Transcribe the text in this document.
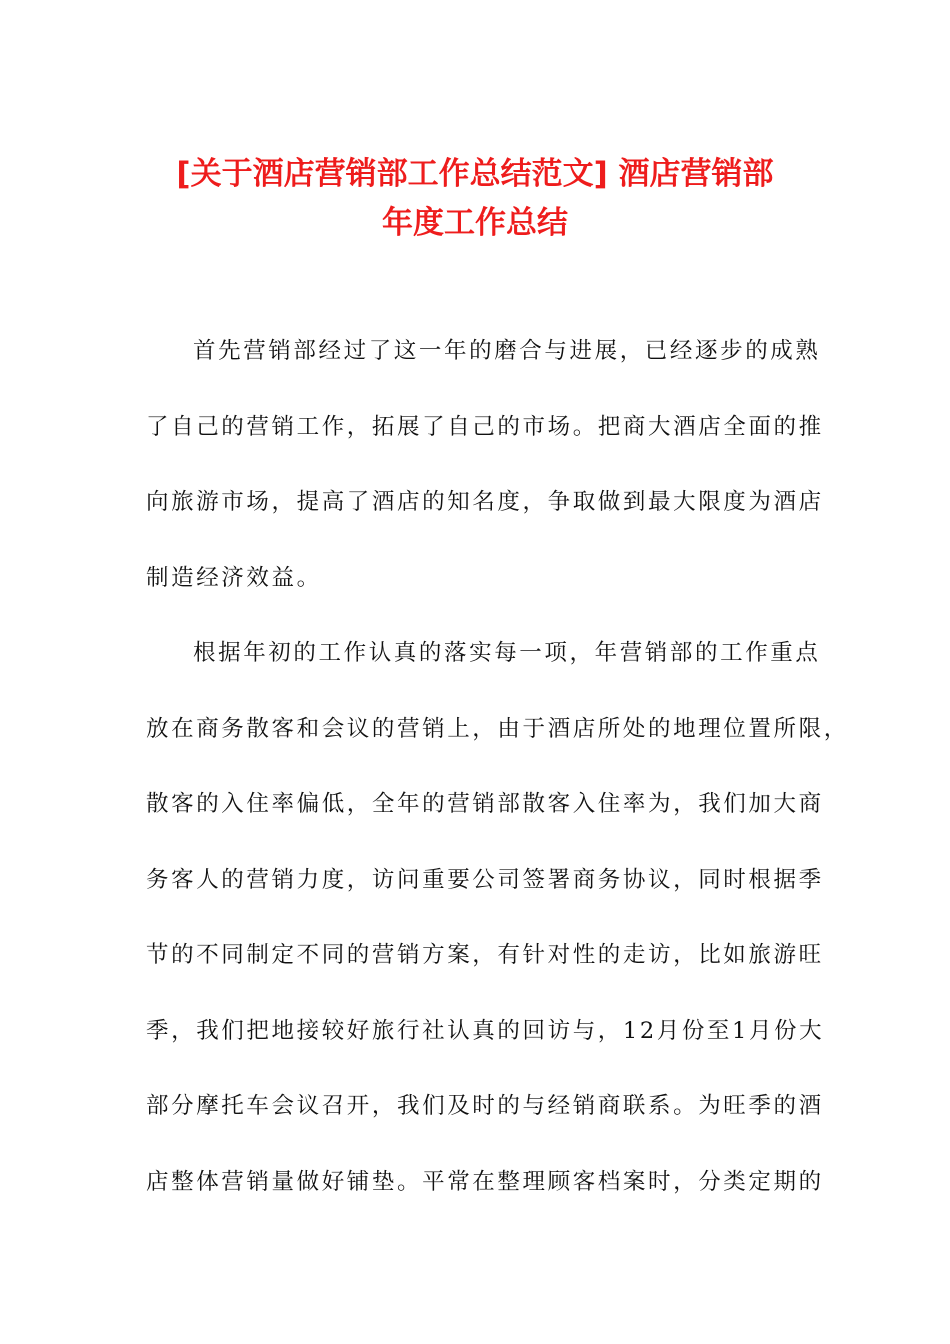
[关于酒店营销部工作总结范文] 酒店营销部
年度工作总结
首先营销部经过了这一年的磨合与进展，已经逐步的成熟
了自己的营销工作，拓展了自己的市场。把商大酒店全面的推
向旅游市场，提高了酒店的知名度，争取做到最大限度为酒店
制造经济效益。
根据年初的工作认真的落实每一项，年营销部的工作重点
放在商务散客和会议的营销上，由于酒店所处的地理位置所限，
散客的入住率偏低，全年的营销部散客入住率为，我们加大商
务客人的营销力度，访问重要公司签署商务协议，同时根据季
节的不同制定不同的营销方案，有针对性的走访，比如旅游旺
季，我们把地接较好旅行社认真的回访与，12月份至1月份大
部分摩托车会议召开，我们及时的与经销商联系。为旺季的酒
店整体营销量做好铺垫。平常在整理顾客档案时，分类定期的
